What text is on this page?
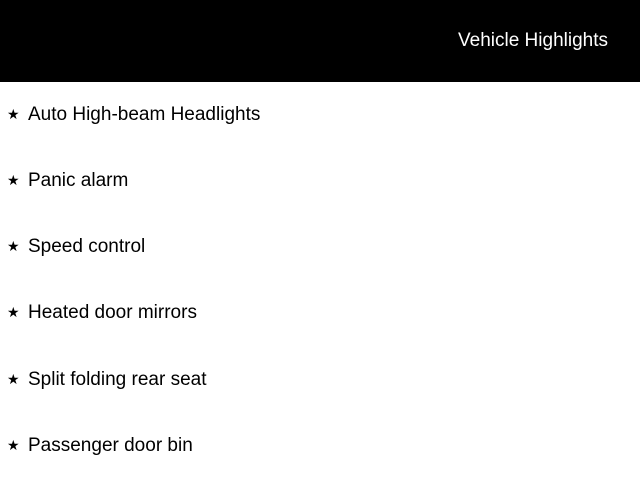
Vehicle Highlights
★ Auto High-beam Headlights
★ Panic alarm
★ Speed control
★ Heated door mirrors
★ Split folding rear seat
★ Passenger door bin
